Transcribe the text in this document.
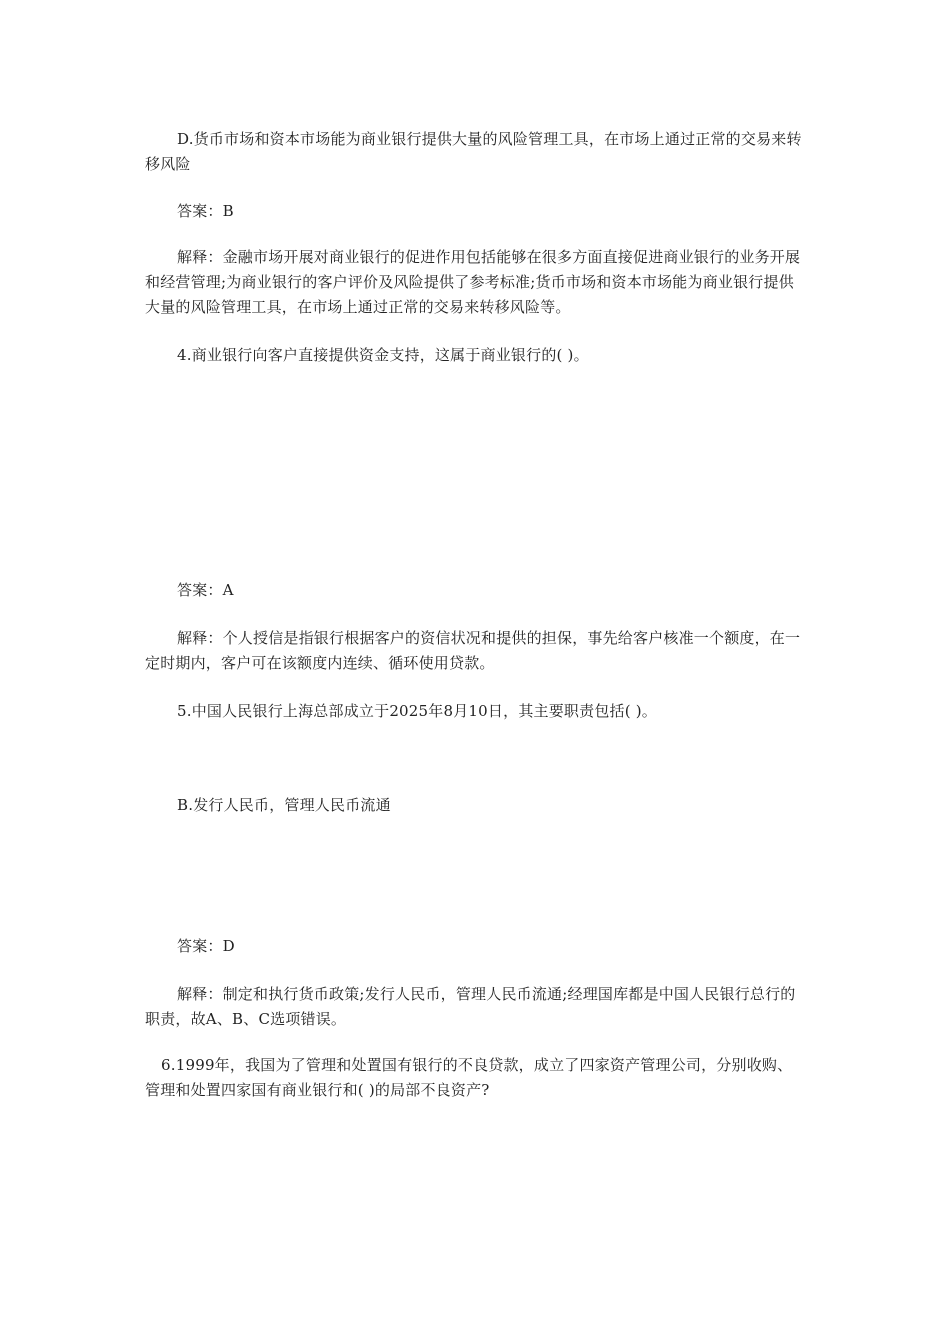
D.货币市场和资本市场能为商业银行提供大量的风险管理工具，在市场上通过正常的交易来转移风险

答案：B

解释：金融市场开展对商业银行的促进作用包括能够在很多方面直接促进商业银行的业务开展和经营管理;为商业银行的客户评价及风险提供了参考标准;货币市场和资本市场能为商业银行提供大量的风险管理工具，在市场上通过正常的交易来转移风险等。

4.商业银行向客户直接提供资金支持，这属于商业银行的( )。

答案：A

解释：个人授信是指银行根据客户的资信状况和提供的担保，事先给客户核准一个额度，在一定时期内，客户可在该额度内连续、循环使用贷款。

5.中国人民银行上海总部成立于2025年8月10日，其主要职责包括( )。

B.发行人民币，管理人民币流通

答案：D

解释：制定和执行货币政策;发行人民币，管理人民币流通;经理国库都是中国人民银行总行的职责，故A、B、C选项错误。

6.1999年，我国为了管理和处置国有银行的不良贷款，成立了四家资产管理公司，分别收购、管理和处置四家国有商业银行和( )的局部不良资产?
